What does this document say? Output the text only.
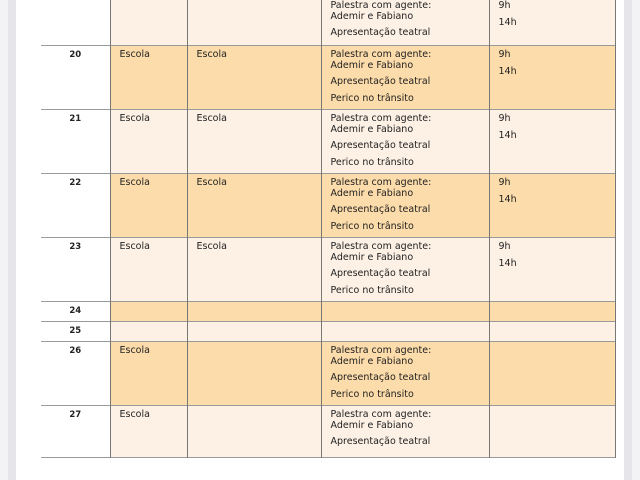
			Palestra com agente:
Ademir e Fabiano
Apresentação teatral	9h
14h

20	Escola	Escola	Palestra com agente:
Ademir e Fabiano
Apresentação teatral
Perico no trânsito	9h
14h

21	Escola	Escola	Palestra com agente:
Ademir e Fabiano
Apresentação teatral
Perico no trânsito	9h
14h

22	Escola	Escola	Palestra com agente:
Ademir e Fabiano
Apresentação teatral
Perico no trânsito	9h
14h

23	Escola	Escola	Palestra com agente:
Ademir e Fabiano
Apresentação teatral
Perico no trânsito	9h
14h

24				
25				
26	Escola		Palestra com agente:
Ademir e Fabiano
Apresentação teatral
Perico no trânsito	

27	Escola		Palestra com agente:
Ademir e Fabiano
Apresentação teatral	
